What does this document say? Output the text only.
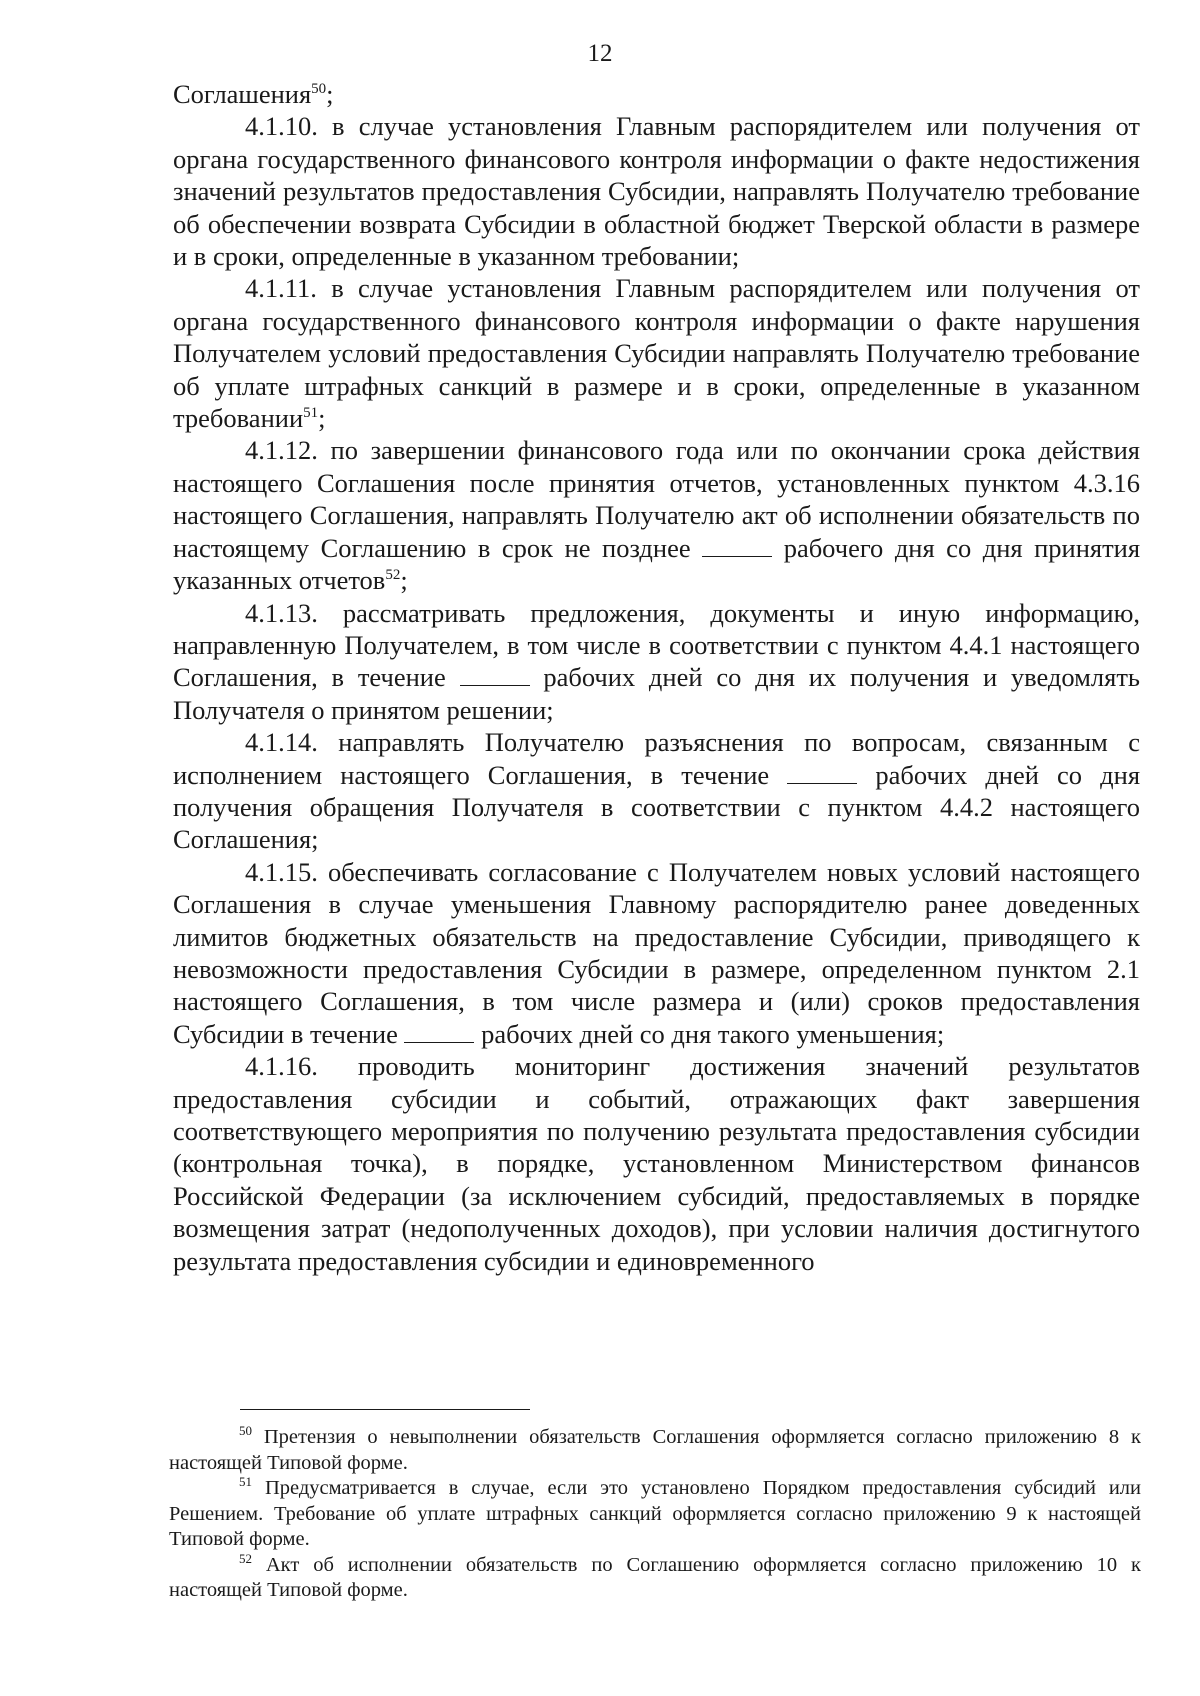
12

Соглашения$^{50}$;

4.1.10. в случае установления Главным распорядителем или получения от органа государственного финансового контроля информации о факте недостижения значений результатов предоставления Субсидии, направлять Получателю требование об обеспечении возврата Субсидии в областной бюджет Тверской области в размере и в сроки, определенные в указанном требовании;

4.1.11. в случае установления Главным распорядителем или получения от органа государственного финансового контроля информации о факте нарушения Получателем условий предоставления Субсидии направлять Получателю требование об уплате штрафных санкций в размере и в сроки, определенные в указанном требовании$^{51}$;

4.1.12. по завершении финансового года или по окончании срока действия настоящего Соглашения после принятия отчетов, установленных пунктом 4.3.16 настоящего Соглашения, направлять Получателю акт об исполнении обязательств по настоящему Соглашению в срок не позднее	рабочего дня со дня принятия указанных отчетов$^{52}$;

4.1.13. рассматривать предложения, документы и иную информацию, направленную Получателем, в том числе в соответствии с пунктом 4.4.1 настоящего Соглашения, в течение	рабочих дней со дня их получения и уведомлять Получателя о принятом решении;

4.1.14. направлять Получателю разъяснения по вопросам, связанным с исполнением настоящего Соглашения, в течение	рабочих дней со дня получения обращения Получателя в соответствии с пунктом 4.4.2 настоящего Соглашения;

4.1.15. обеспечивать согласование с Получателем новых условий настоящего Соглашения в случае уменьшения Главному распорядителю ранее доведенных лимитов бюджетных обязательств на предоставление Субсидии, приводящего к невозможности предоставления Субсидии в размере, определенном пунктом 2.1 настоящего Соглашения, в том числе размера и (или) сроков предоставления Субсидии в течение	рабочих дней со дня такого уменьшения;

4.1.16. проводить мониторинг достижения значений результатов предоставления субсидии и событий, отражающих факт завершения соответствующего мероприятия по получению результата предоставления субсидии (контрольная точка), в порядке, установленном Министерством финансов Российской Федерации (за исключением субсидий, предоставляемых в порядке возмещения затрат (недополученных доходов), при условии наличия достигнутого результата предоставления субсидии и единовременного

$^{50}$ Претензия о невыполнении обязательств Соглашения оформляется согласно приложению 8 к настоящей Типовой форме.

$^{51}$ Предусматривается в случае, если это установлено Порядком предоставления субсидий или Решением. Требование об уплате штрафных санкций оформляется согласно приложению 9 к настоящей Типовой форме.

$^{52}$ Акт об исполнении обязательств по Соглашению оформляется согласно приложению 10 к настоящей Типовой форме.
